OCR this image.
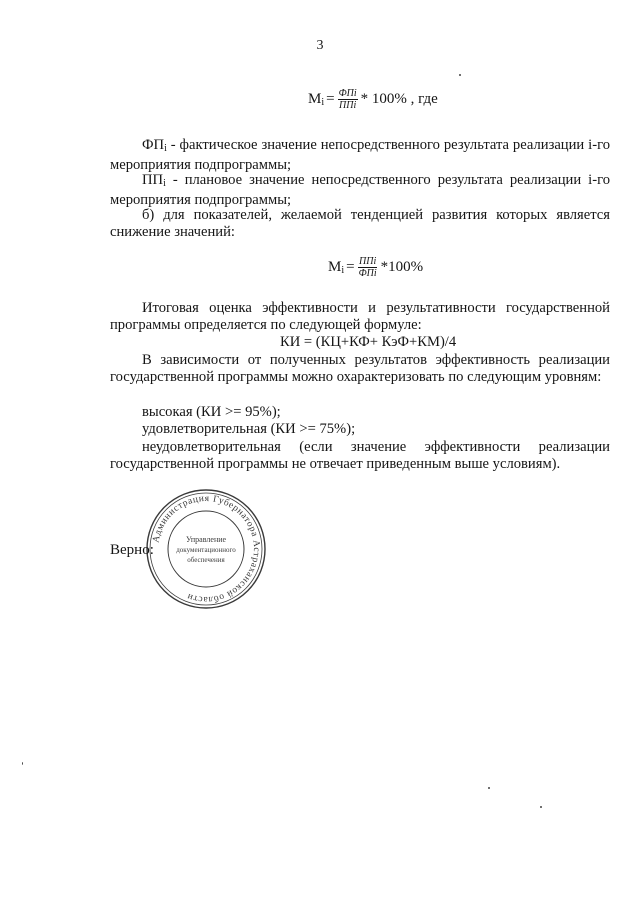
3
$M_i = \frac{\text{ФПi}}{\text{ППi}} * 100\%$ , где

$ФП_i$ - фактическое значение непосредственного результата реализации i-го мероприятия подпрограммы;

$ПП_i$ - плановое значение непосредственного результата реализации i-го мероприятия подпрограммы;

б) для показателей, желаемой тенденцией развития которых является снижение значений:

$M_i = \frac{\text{ППi}}{\text{ФПi}} *100\%$

Итоговая оценка эффективности и результативности государственной программы определяется по следующей формуле:

КИ = (КЦ+КФ+ КэФ+КМ)/4

В зависимости от полученных результатов эффективность реализации государственной программы можно охарактеризовать по следующим уровням:

высокая (КИ >= 95%);
удовлетворительная (КИ >= 75%);

неудовлетворительная (если значение эффективности реализации государственной программы не отвечает приведенным выше условиям).

Администрация Губернатора Астраханской области
Управление
документационного
обеспечения
Верно:
